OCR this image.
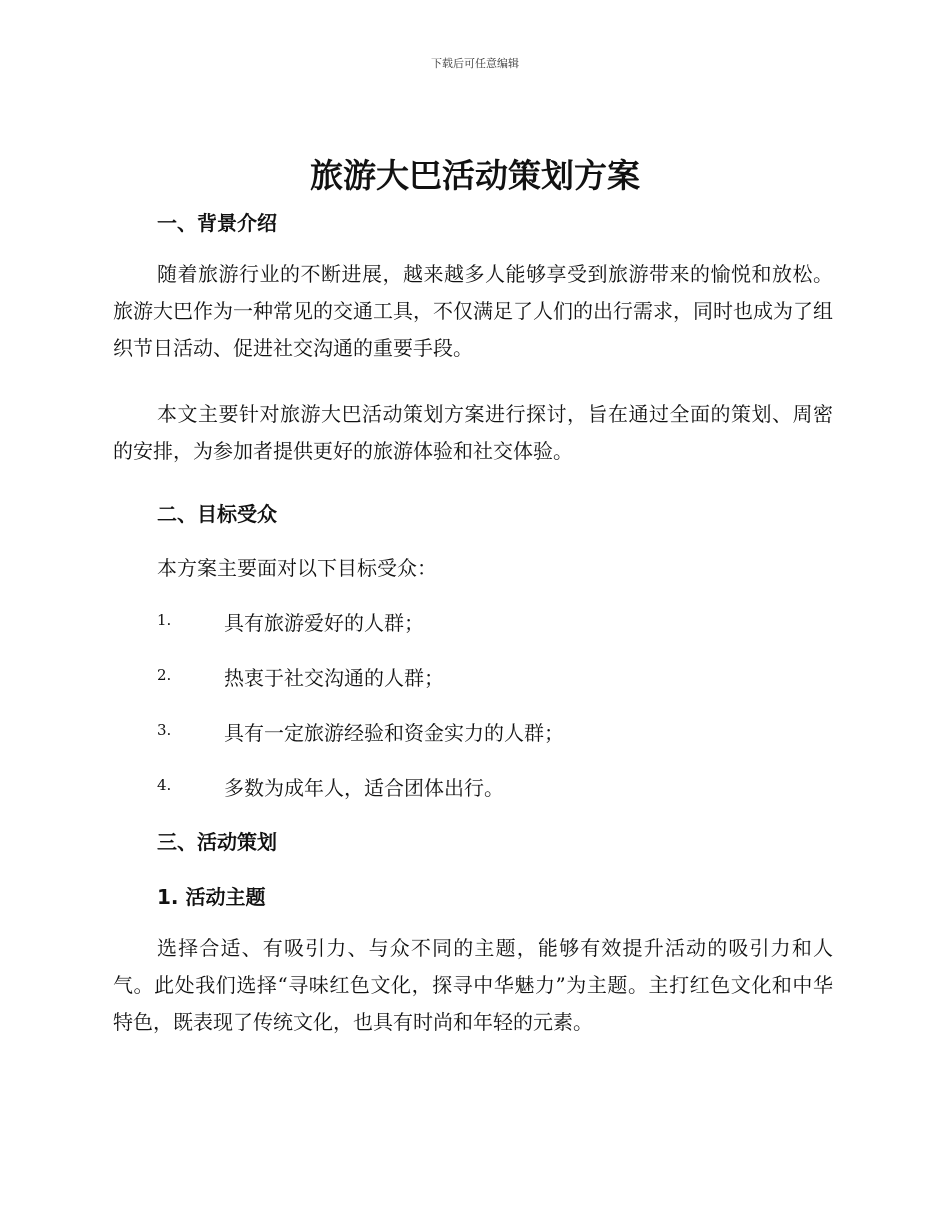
下载后可任意编辑
旅游大巴活动策划方案
一、背景介绍
随着旅游行业的不断进展，越来越多人能够享受到旅游带来的愉悦和放松。旅游大巴作为一种常见的交通工具，不仅满足了人们的出行需求，同时也成为了组织节日活动、促进社交沟通的重要手段。
本文主要针对旅游大巴活动策划方案进行探讨，旨在通过全面的策划、周密的安排，为参加者提供更好的旅游体验和社交体验。
二、目标受众
本方案主要面对以下目标受众：
1.	具有旅游爱好的人群；
2.	热衷于社交沟通的人群；
3.	具有一定旅游经验和资金实力的人群；
4.	多数为成年人，适合团体出行。
三、活动策划
1. 活动主题
选择合适、有吸引力、与众不同的主题，能够有效提升活动的吸引力和人气。此处我们选择“寻味红色文化，探寻中华魅力”为主题。主打红色文化和中华特色，既表现了传统文化，也具有时尚和年轻的元素。
